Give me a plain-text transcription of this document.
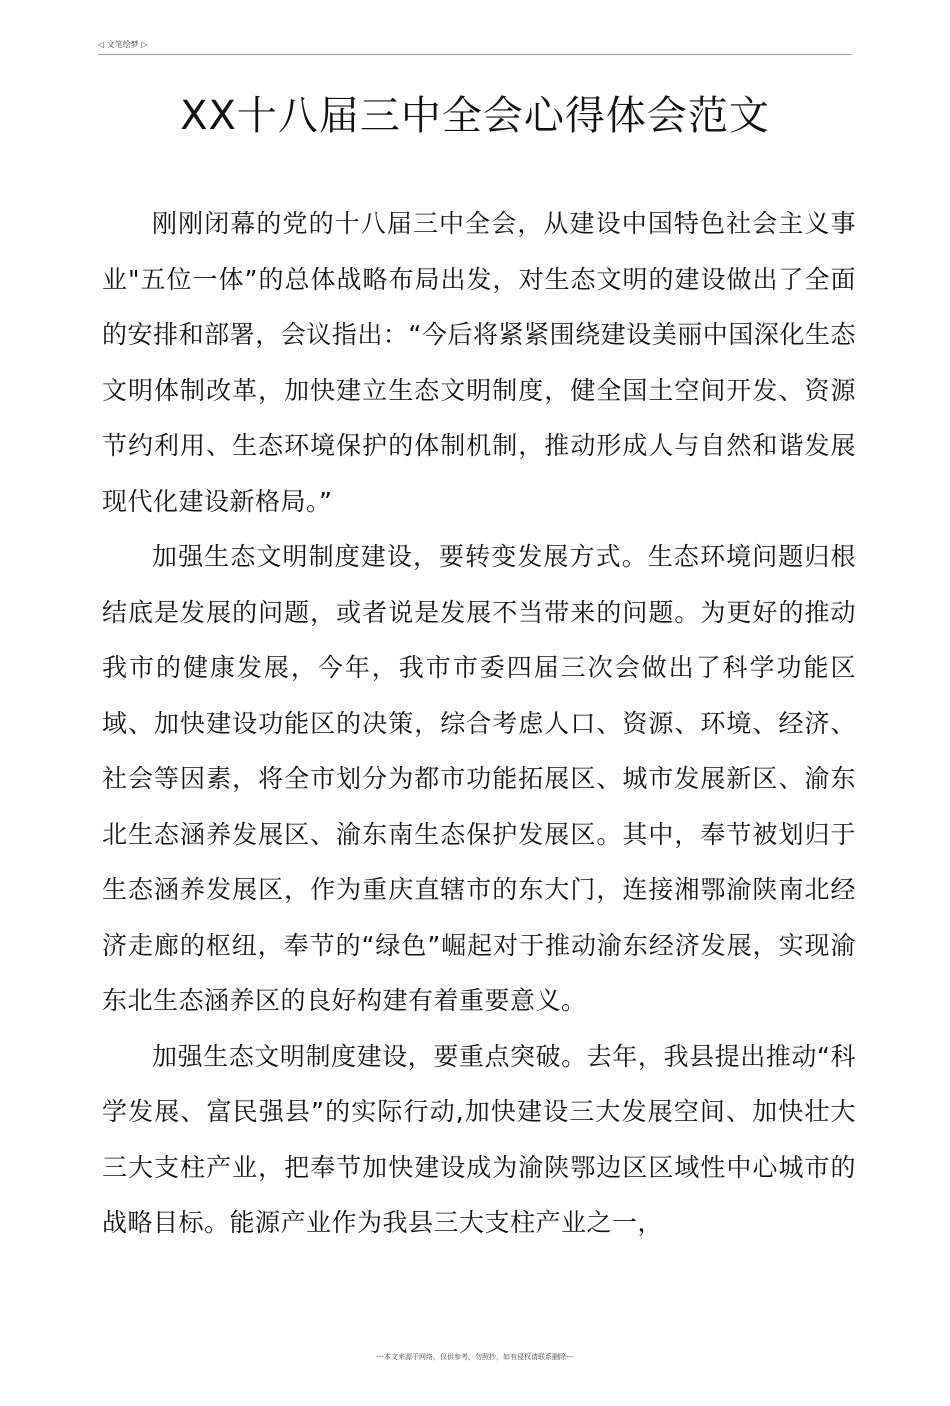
◁ 文笔绘梦 ▷
XX十八届三中全会心得体会范文

刚刚闭幕的党的十八届三中全会，从建设中国特色社会主义事业"五位一体”的总体战略布局出发，对生态文明的建设做出了全面的安排和部署，会议指出：“今后将紧紧围绕建设美丽中国深化生态文明体制改革，加快建立生态文明制度，健全国土空间开发、资源节约利用、生态环境保护的体制机制，推动形成人与自然和谐发展现代化建设新格局。”

加强生态文明制度建设，要转变发展方式。生态环境问题归根结底是发展的问题，或者说是发展不当带来的问题。为更好的推动我市的健康发展，今年，我市市委四届三次会做出了科学功能区域、加快建设功能区的决策，综合考虑人口、资源、环境、经济、社会等因素，将全市划分为都市功能拓展区、城市发展新区、渝东北生态涵养发展区、渝东南生态保护发展区。其中，奉节被划归于生态涵养发展区，作为重庆直辖市的东大门，连接湘鄂渝陕南北经济走廊的枢纽，奉节的“绿色”崛起对于推动渝东经济发展，实现渝东北生态涵养区的良好构建有着重要意义。

加强生态文明制度建设，要重点突破。去年，我县提出推动“科学发展、富民强县”的实际行动,加快建设三大发展空间、加快壮大三大支柱产业，把奉节加快建设成为渝陕鄂边区区域性中心城市的战略目标。能源产业作为我县三大支柱产业之一，

---本文来源于网络，仅供参考，勿照抄，如有侵权请联系删除---
